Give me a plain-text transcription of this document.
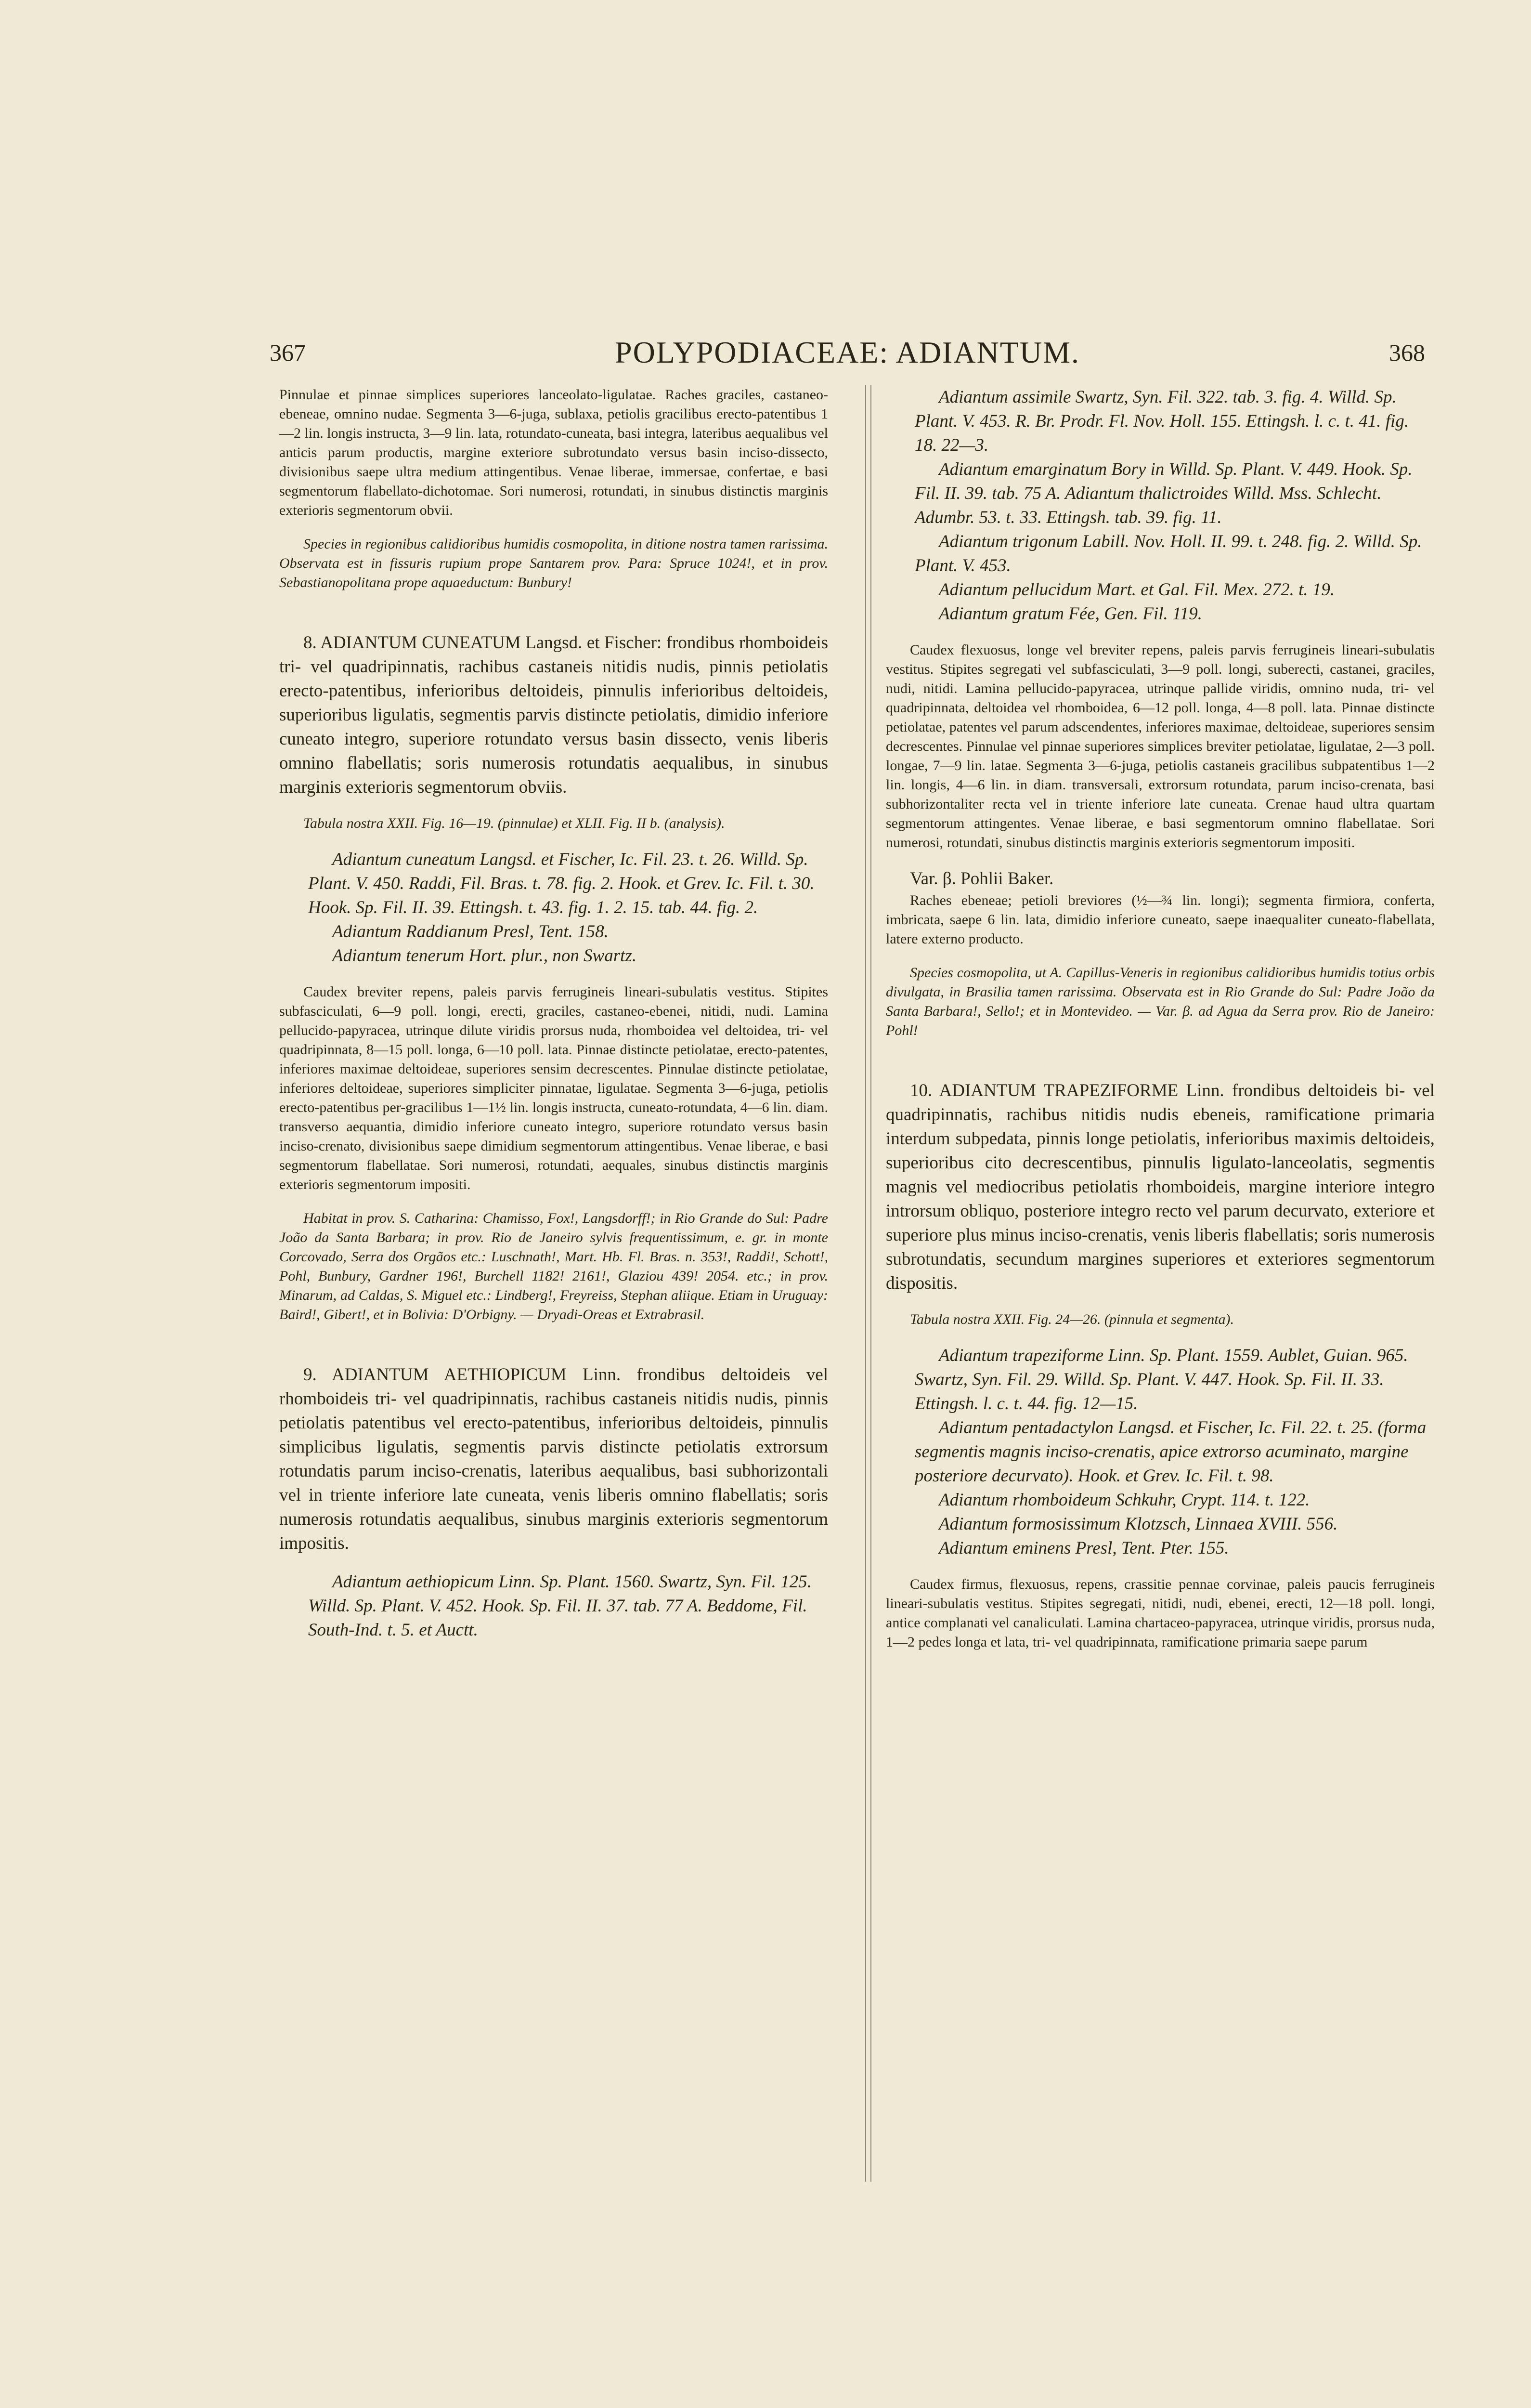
367	POLYPODIACEAE: ADIANTUM.	368

Pinnulae et pinnae simplices superiores lanceolato-ligulatae. Raches graciles, castaneo-ebeneae, omnino nudae. Segmenta 3—6-juga, sublaxa, petiolis gracilibus erecto-patentibus 1—2 lin. longis instructa, 3—9 lin. lata, rotundato-cuneata, basi integra, lateribus aequalibus vel anticis parum productis, margine exteriore subrotundato versus basin inciso-dissecto, divisionibus saepe ultra medium attingentibus. Venae liberae, immersae, confertae, e basi segmentorum flabellato-dichotomae. Sori numerosi, rotundati, in sinubus distinctis marginis exterioris segmentorum obvii.

Species in regionibus calidioribus humidis cosmopolita, in ditione nostra tamen rarissima. Observata est in fissuris rupium prope Santarem prov. Para: Spruce 1024!, et in prov. Sebastianopolitana prope aquaeductum: Bunbury!

8. ADIANTUM CUNEATUM Langsd. et Fischer: frondibus rhomboideis tri- vel quadripinnatis, rachibus castaneis nitidis nudis, pinnis petiolatis erecto-patentibus, inferioribus deltoideis, pinnulis inferioribus deltoideis, superioribus ligulatis, segmentis parvis distincte petiolatis, dimidio inferiore cuneato integro, superiore rotundato versus basin dissecto, venis liberis omnino flabellatis; soris numerosis rotundatis aequalibus, in sinubus marginis exterioris segmentorum obviis.

Tabula nostra XXII. Fig. 16—19. (pinnulae) et XLII. Fig. II b. (analysis).

Adiantum cuneatum Langsd. et Fischer, Ic. Fil. 23. t. 26. Willd. Sp. Plant. V. 450. Raddi, Fil. Bras. t. 78. fig. 2. Hook. et Grev. Ic. Fil. t. 30. Hook. Sp. Fil. II. 39. Ettingsh. t. 43. fig. 1. 2. 15. tab. 44. fig. 2.

Adiantum Raddianum Presl, Tent. 158.

Adiantum tenerum Hort. plur., non Swartz.

Caudex breviter repens, paleis parvis ferrugineis lineari-subulatis vestitus. Stipites subfasciculati, 6—9 poll. longi, erecti, graciles, castaneo-ebenei, nitidi, nudi. Lamina pellucido-papyracea, utrinque dilute viridis prorsus nuda, rhomboidea vel deltoidea, tri- vel quadripinnata, 8—15 poll. longa, 6—10 poll. lata. Pinnae distincte petiolatae, erecto-patentes, inferiores maximae deltoideae, superiores sensim decrescentes. Pinnulae distincte petiolatae, inferiores deltoideae, superiores simpliciter pinnatae, ligulatae. Segmenta 3—6-juga, petiolis erecto-patentibus per-gracilibus 1—1½ lin. longis instructa, cuneato-rotundata, 4—6 lin. diam. transverso aequantia, dimidio inferiore cuneato integro, superiore rotundato versus basin inciso-crenato, divisionibus saepe dimidium segmentorum attingentibus. Venae liberae, e basi segmentorum flabellatae. Sori numerosi, rotundati, aequales, sinubus distinctis marginis exterioris segmentorum impositi.

Habitat in prov. S. Catharina: Chamisso, Fox!, Langsdorff!; in Rio Grande do Sul: Padre João da Santa Barbara; in prov. Rio de Janeiro sylvis frequentissimum, e. gr. in monte Corcovado, Serra dos Orgãos etc.: Luschnath!, Mart. Hb. Fl. Bras. n. 353!, Raddi!, Schott!, Pohl, Bunbury, Gardner 196!, Burchell 1182! 2161!, Glaziou 439! 2054. etc.; in prov. Minarum, ad Caldas, S. Miguel etc.: Lindberg!, Freyreiss, Stephan aliique. Etiam in Uruguay: Baird!, Gibert!, et in Bolivia: D'Orbigny. — Dryadi-Oreas et Extrabrasil.

9. ADIANTUM AETHIOPICUM Linn. frondibus deltoideis vel rhomboideis tri- vel quadripinnatis, rachibus castaneis nitidis nudis, pinnis petiolatis patentibus vel erecto-patentibus, inferioribus deltoideis, pinnulis simplicibus ligulatis, segmentis parvis distincte petiolatis extrorsum rotundatis parum inciso-crenatis, lateribus aequalibus, basi subhorizontali vel in triente inferiore late cuneata, venis liberis omnino flabellatis; soris numerosis rotundatis aequalibus, sinubus marginis exterioris segmentorum impositis.

Adiantum aethiopicum Linn. Sp. Plant. 1560. Swartz, Syn. Fil. 125. Willd. Sp. Plant. V. 452. Hook. Sp. Fil. II. 37. tab. 77 A. Beddome, Fil. South-Ind. t. 5. et Auctt.

Adiantum assimile Swartz, Syn. Fil. 322. tab. 3. fig. 4. Willd. Sp. Plant. V. 453. R. Br. Prodr. Fl. Nov. Holl. 155. Ettingsh. l. c. t. 41. fig. 18. 22—3.

Adiantum emarginatum Bory in Willd. Sp. Plant. V. 449. Hook. Sp. Fil. II. 39. tab. 75 A. Adiantum thalictroides Willd. Mss. Schlecht. Adumbr. 53. t. 33. Ettingsh. tab. 39. fig. 11.

Adiantum trigonum Labill. Nov. Holl. II. 99. t. 248. fig. 2. Willd. Sp. Plant. V. 453.

Adiantum pellucidum Mart. et Gal. Fil. Mex. 272. t. 19.

Adiantum gratum Fée, Gen. Fil. 119.

Caudex flexuosus, longe vel breviter repens, paleis parvis ferrugineis lineari-subulatis vestitus. Stipites segregati vel subfasciculati, 3—9 poll. longi, suberecti, castanei, graciles, nudi, nitidi. Lamina pellucido-papyracea, utrinque pallide viridis, omnino nuda, tri- vel quadripinnata, deltoidea vel rhomboidea, 6—12 poll. longa, 4—8 poll. lata. Pinnae distincte petiolatae, patentes vel parum adscendentes, inferiores maximae, deltoideae, superiores sensim decrescentes. Pinnulae vel pinnae superiores simplices breviter petiolatae, ligulatae, 2—3 poll. longae, 7—9 lin. latae. Segmenta 3—6-juga, petiolis castaneis gracilibus subpatentibus 1—2 lin. longis, 4—6 lin. in diam. transversali, extrorsum rotundata, parum inciso-crenata, basi subhorizontaliter recta vel in triente inferiore late cuneata. Crenae haud ultra quartam segmentorum attingentes. Venae liberae, e basi segmentorum omnino flabellatae. Sori numerosi, rotundati, sinubus distinctis marginis exterioris segmentorum impositi.

Var. β. Pohlii Baker.

Raches ebeneae; petioli breviores (½—¾ lin. longi); segmenta firmiora, conferta, imbricata, saepe 6 lin. lata, dimidio inferiore cuneato, saepe inaequaliter cuneato-flabellata, latere externo producto.

Species cosmopolita, ut A. Capillus-Veneris in regionibus calidioribus humidis totius orbis divulgata, in Brasilia tamen rarissima. Observata est in Rio Grande do Sul: Padre João da Santa Barbara!, Sello!; et in Montevideo. — Var. β. ad Agua da Serra prov. Rio de Janeiro: Pohl!

10. ADIANTUM TRAPEZIFORME Linn. frondibus deltoideis bi- vel quadripinnatis, rachibus nitidis nudis ebeneis, ramificatione primaria interdum subpedata, pinnis longe petiolatis, inferioribus maximis deltoideis, superioribus cito decrescentibus, pinnulis ligulato-lanceolatis, segmentis magnis vel mediocribus petiolatis rhomboideis, margine interiore integro introrsum obliquo, posteriore integro recto vel parum decurvato, exteriore et superiore plus minus inciso-crenatis, venis liberis flabellatis; soris numerosis subrotundatis, secundum margines superiores et exteriores segmentorum dispositis.

Tabula nostra XXII. Fig. 24—26. (pinnula et segmenta).

Adiantum trapeziforme Linn. Sp. Plant. 1559. Aublet, Guian. 965. Swartz, Syn. Fil. 29. Willd. Sp. Plant. V. 447. Hook. Sp. Fil. II. 33. Ettingsh. l. c. t. 44. fig. 12—15.

Adiantum pentadactylon Langsd. et Fischer, Ic. Fil. 22. t. 25. (forma segmentis magnis inciso-crenatis, apice extrorso acuminato, margine posteriore decurvato). Hook. et Grev. Ic. Fil. t. 98.

Adiantum rhomboideum Schkuhr, Crypt. 114. t. 122.

Adiantum formosissimum Klotzsch, Linnaea XVIII. 556.

Adiantum eminens Presl, Tent. Pter. 155.

Caudex firmus, flexuosus, repens, crassitie pennae corvinae, paleis paucis ferrugineis lineari-subulatis vestitus. Stipites segregati, nitidi, nudi, ebenei, erecti, 12—18 poll. longi, antice complanati vel canaliculati. Lamina chartaceo-papyracea, utrinque viridis, prorsus nuda, 1—2 pedes longa et lata, tri- vel quadripinnata, ramificatione primaria saepe parum
